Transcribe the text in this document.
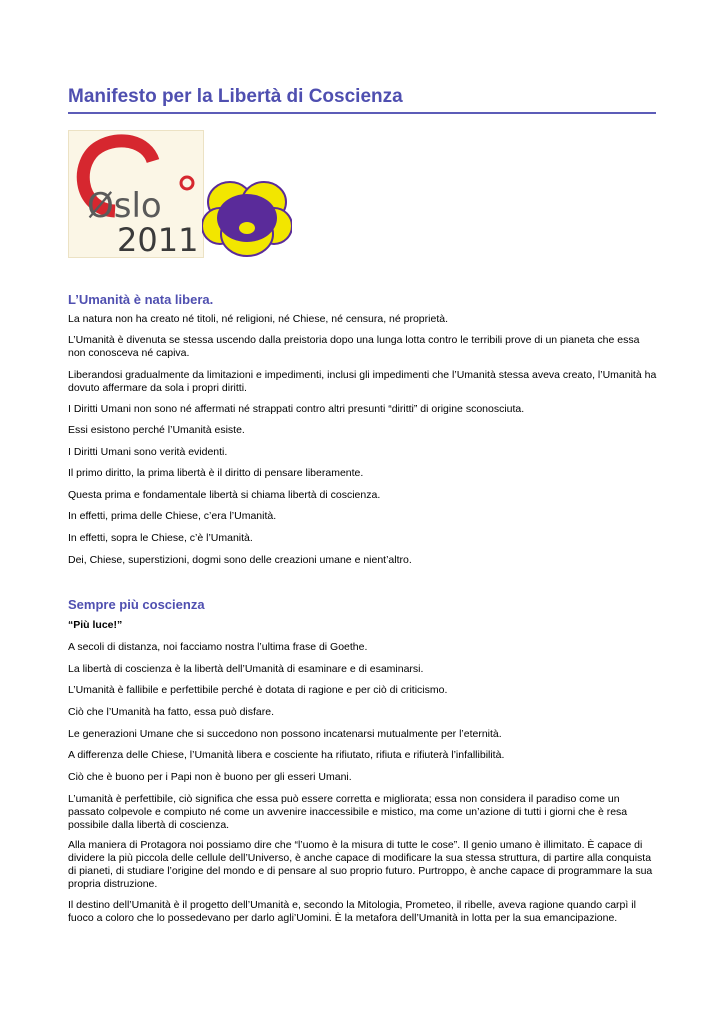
Manifesto per la Libertà di Coscienza
Øslo
2011
L’Umanità è nata libera.

La natura non ha creato né titoli, né religioni, né Chiese, né censura, né proprietà.

L’Umanità è divenuta se stessa uscendo dalla preistoria dopo una lunga lotta contro le terribili prove di un pianeta che essa non conosceva né capiva.

Liberandosi gradualmente da limitazioni e impedimenti, inclusi gli impedimenti che l’Umanità stessa aveva creato, l’Umanità ha dovuto affermare da sola i propri diritti.

I Diritti Umani non sono né affermati né strappati contro altri presunti “diritti” di origine sconosciuta.

Essi esistono perché l’Umanità esiste.

I Diritti Umani sono verità evidenti.

Il primo diritto, la prima libertà è il diritto di pensare liberamente.

Questa prima e fondamentale libertà si chiama libertà di coscienza.

In effetti, prima delle Chiese, c’era l’Umanità.

In effetti, sopra le Chiese, c’è l’Umanità.

Dei, Chiese, superstizioni, dogmi sono delle creazioni umane e nient’altro.

Sempre più coscienza

“Più luce!”

A secoli di distanza, noi facciamo nostra l’ultima frase di Goethe.

La libertà di coscienza è la libertà dell’Umanità di esaminare e di esaminarsi.

L’Umanità è fallibile e perfettibile perché è dotata di ragione e per ciò di criticismo.

Ciò che l’Umanità ha fatto, essa può disfare.

Le generazioni Umane che si succedono non possono incatenarsi mutualmente per l’eternità.

A differenza delle Chiese, l’Umanità libera e cosciente ha rifiutato, rifiuta e rifiuterà l’infallibilità.

Ciò che è buono per i Papi non è buono per gli esseri Umani.

L’umanità è perfettibile, ciò significa che essa può essere corretta e migliorata; essa non considera il paradiso come un passato colpevole e compiuto né come un avvenire inaccessibile e mistico, ma come un’azione di tutti i giorni che è resa possibile dalla libertà di coscienza.

Alla maniera di Protagora noi possiamo dire che “l’uomo è la misura di tutte le cose”. Il genio umano è illimitato. È capace di dividere la più piccola delle cellule dell’Universo, è anche capace di modificare la sua stessa struttura, di partire alla conquista di pianeti, di studiare l’origine del mondo e di pensare al suo proprio futuro. Purtroppo, è anche capace di programmare la sua propria distruzione.

Il destino dell’Umanità è il progetto dell’Umanità e, secondo la Mitologia, Prometeo, il ribelle, aveva ragione quando carpì il fuoco a coloro che lo possedevano per darlo agli’Uomini. È la metafora dell’Umanità in lotta per la sua emancipazione.
